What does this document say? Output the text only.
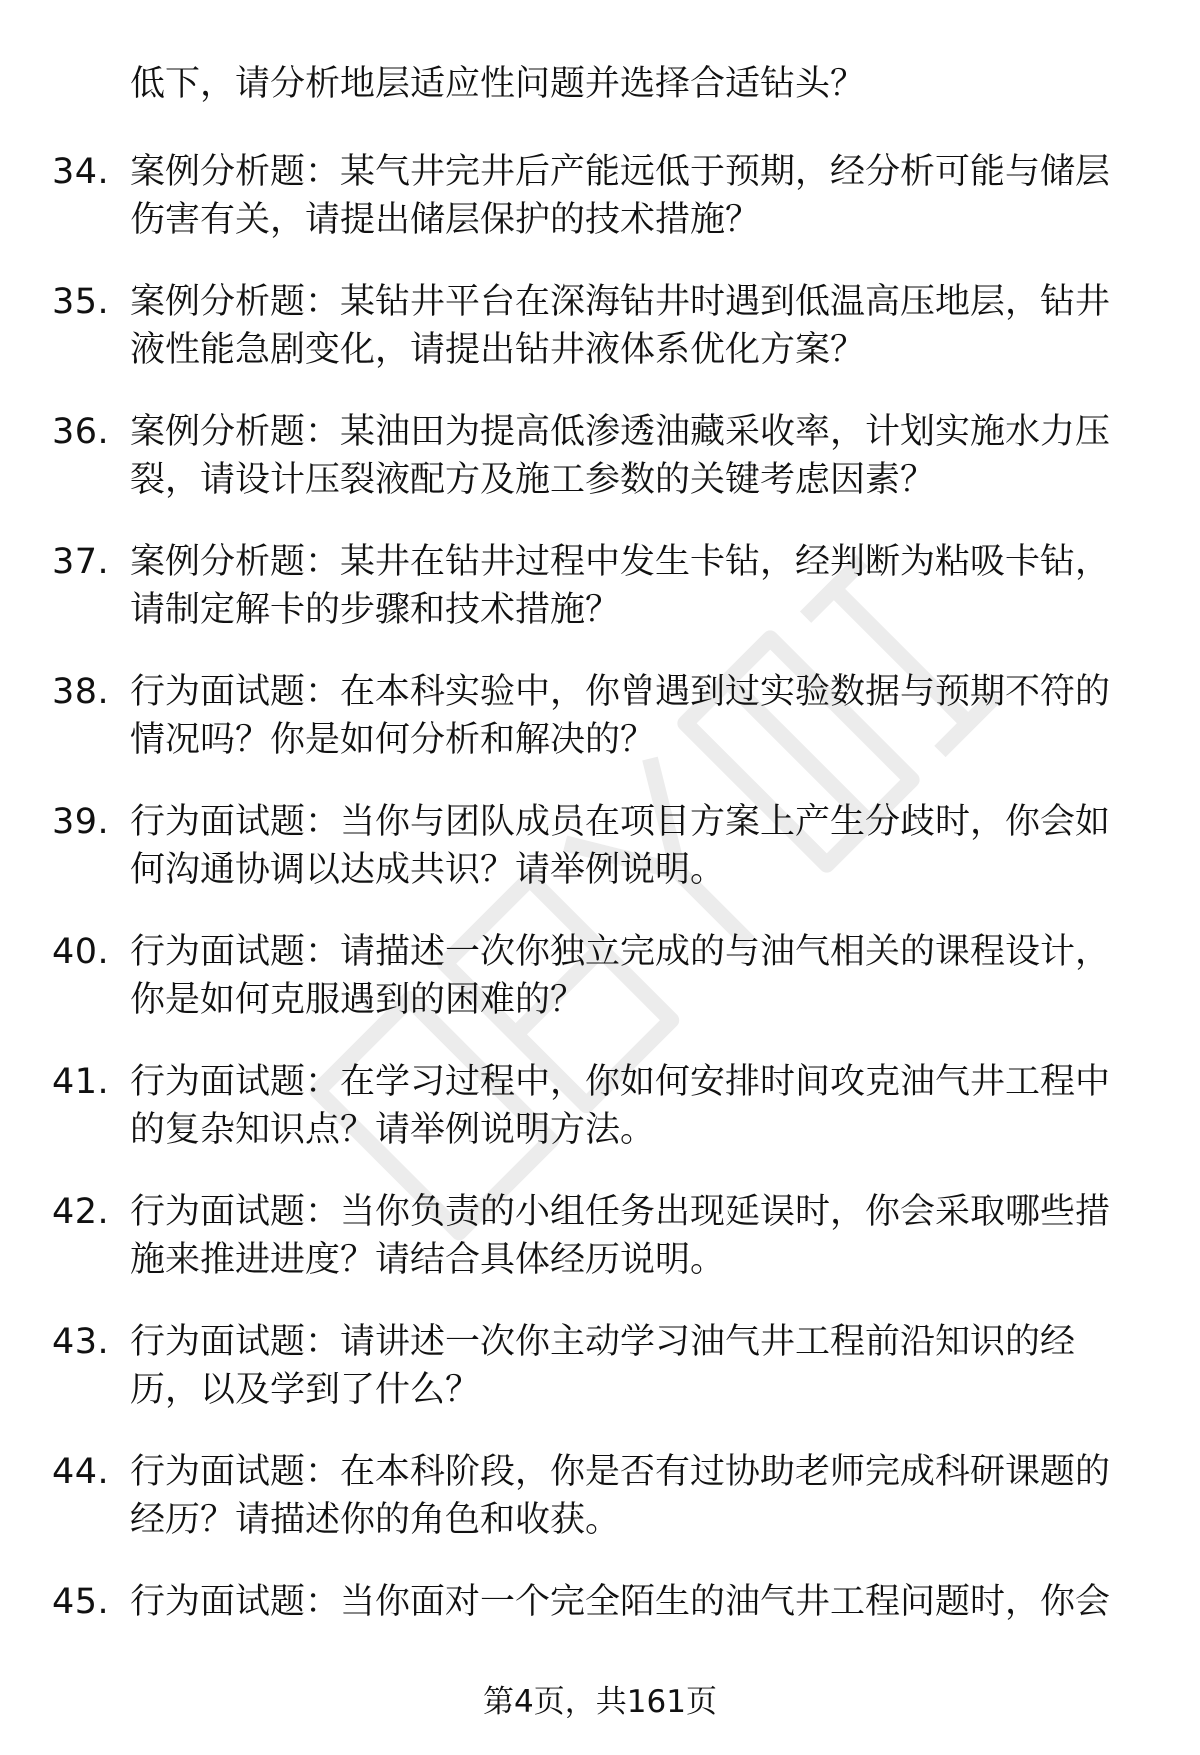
低下，请分析地层适应性问题并选择合适钻头？

34. 案例分析题：某气井完井后产能远低于预期，经分析可能与储层
伤害有关，请提出储层保护的技术措施？
35. 案例分析题：某钻井平台在深海钻井时遇到低温高压地层，钻井
液性能急剧变化，请提出钻井液体系优化方案？
36. 案例分析题：某油田为提高低渗透油藏采收率，计划实施水力压
裂，请设计压裂液配方及施工参数的关键考虑因素？
37. 案例分析题：某井在钻井过程中发生卡钻，经判断为粘吸卡钻，
请制定解卡的步骤和技术措施？
38. 行为面试题：在本科实验中，你曾遇到过实验数据与预期不符的
情况吗？你是如何分析和解决的？
39. 行为面试题：当你与团队成员在项目方案上产生分歧时，你会如
何沟通协调以达成共识？请举例说明。
40. 行为面试题：请描述一次你独立完成的与油气相关的课程设计，
你是如何克服遇到的困难的？
41. 行为面试题：在学习过程中，你如何安排时间攻克油气井工程中
的复杂知识点？请举例说明方法。
42. 行为面试题：当你负责的小组任务出现延误时，你会采取哪些措
施来推进进度？请结合具体经历说明。
43. 行为面试题：请讲述一次你主动学习油气井工程前沿知识的经
历，以及学到了什么？
44. 行为面试题：在本科阶段，你是否有过协助老师完成科研课题的
经历？请描述你的角色和收获。
45. 行为面试题：当你面对一个完全陌生的油气井工程问题时，你会
第4页，共161页
